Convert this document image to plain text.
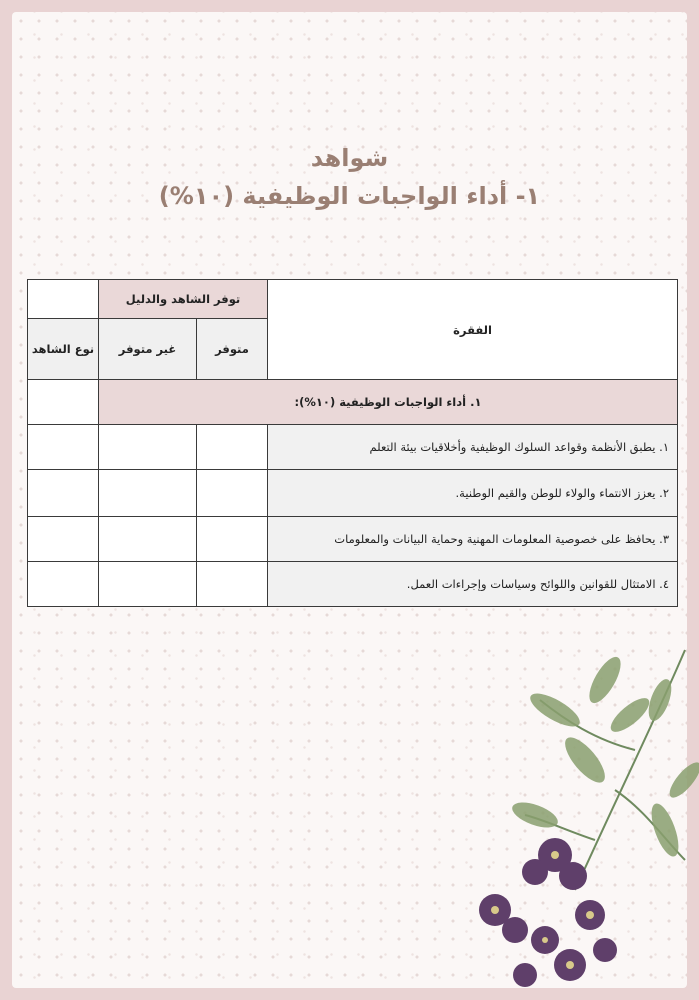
شواهد
١- أداء الواجبات الوظيفية (١٠%)
الفقرة	توفر الشاهد والدليل		
	متوفر	غير متوفر	نوع الشاهد
١. أداء الواجبات الوظيفية (١٠%):			
١. يطبق الأنظمة وقواعد السلوك الوظيفية وأخلاقيات بيئة التعلم			
٢. يعزز الانتماء والولاء للوطن والقيم الوطنية.			
٣. يحافظ على خصوصية المعلومات المهنية وحماية البيانات والمعلومات			
٤. الامتثال للقوانين واللوائح وسياسات وإجراءات العمل.			
